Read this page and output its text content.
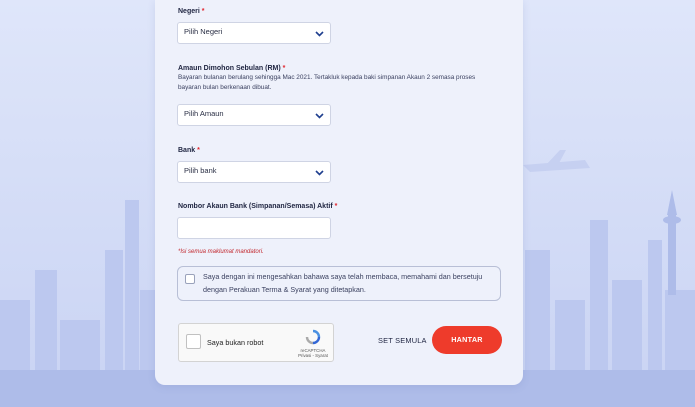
Negeri *
Pilih Negeri
Amaun Dimohon Sebulan (RM) *
Bayaran bulanan berulang sehingga Mac 2021. Tertakluk kepada baki simpanan Akaun 2 semasa proses bayaran bulan berkenaan dibuat.
Pilih Amaun
Bank *
Pilih bank
Nombor Akaun Bank (Simpanan/Semasa) Aktif *
*Isi semua maklumat mandatori.
Saya dengan ini mengesahkan bahawa saya telah membaca, memahami dan bersetuju dengan Perakuan Terma & Syarat yang ditetapkan.
Saya bukan robot
reCAPTCHA
Privasi - Syarat
SET SEMULA	HANTAR
